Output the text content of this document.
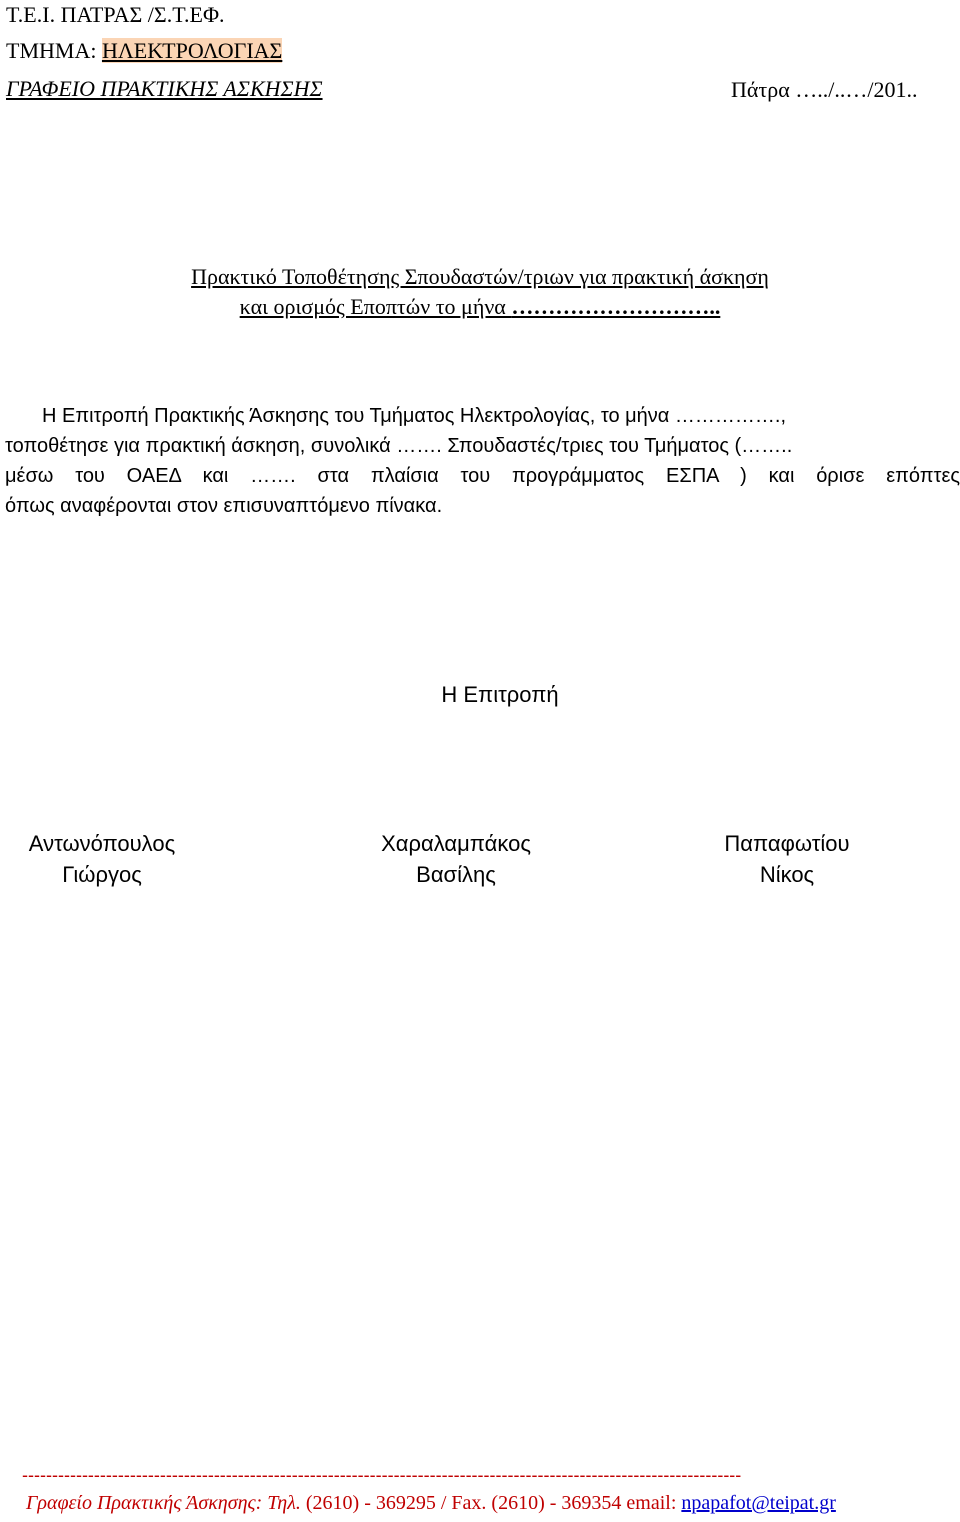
Τ.Ε.Ι. ΠΑΤΡΑΣ /Σ.Τ.ΕΦ.
ΤΜΗΜΑ: ΗΛΕΚΤΡΟΛΟΓΙΑΣ
ΓΡΑΦΕΙΟ ΠΡΑΚΤΙΚΗΣ ΑΣΚΗΣΗΣ	Πάτρα …../..…/201..
Πρακτικό Τοποθέτησης Σπουδαστών/τριων για πρακτική άσκηση
και ορισμός Εποπτών το μήνα ………………………..
Η Επιτροπή Πρακτικής Άσκησης του Τμήματος Ηλεκτρολογίας, το μήνα …………….,
τοποθέτησε για πρακτική άσκηση, συνολικά ……. Σπουδαστές/τριες του Τμήματος (……..
μέσω του ΟΑΕΔ και ……. στα πλαίσια του προγράμματος ΕΣΠΑ ) και όρισε επόπτες
όπως αναφέρονται στον επισυναπτόμενο πίνακα.
Η Επιτροπή
Αντωνόπουλος
Γιώργος
Χαραλαμπάκος
Βασίλης
Παπαφωτίου
Νίκος
------------------------------------------------------------------------------------------------------------------------
Γραφείο Πρακτικής Άσκησης: Τηλ. (2610) - 369295 / Fax. (2610) - 369354 email: npapafot@teipat.gr
